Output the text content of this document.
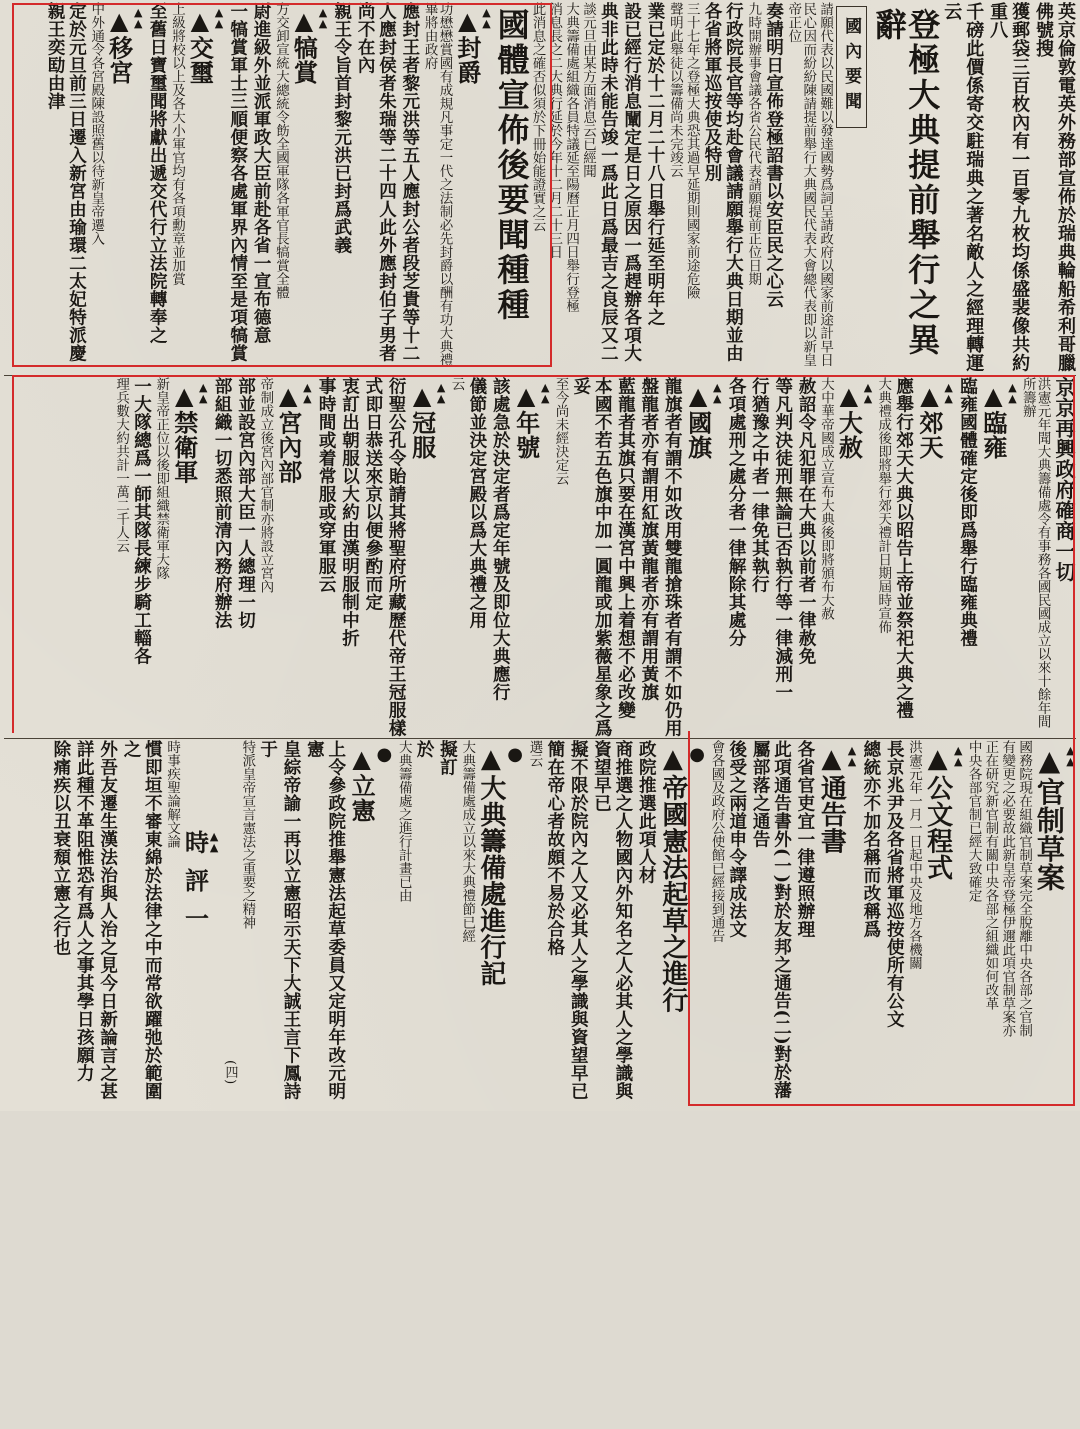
英京倫敦電英外務部宣佈於瑞典輪船希利哥臘佛號搜
獲郵袋三百枚內有一百零九枚均係盛裴像共約重八
千磅此價係寄交駐瑞典之著名敵人之經理轉運云
登極大典提前舉行之異辭
國內要聞
請願代表以民國難以發達國勢爲詞呈請政府以國家前途計早日
民心因而紛紛陳請提前舉行大典國民代表大會總代表即以新皇帝正位
奏請明日宣佈登極詔書以安臣民之心云
九時開辦事會議各省公民代表請願提前正位日期
行政院長官等均赴會議請願舉行大典日期並由各省將軍巡按使及特別
三十七年之登極大典恐其過早延期則國家前途危險
聲明此舉徒以籌備尚未完竣云
業已定於十二月二十八日舉行延至明年之
設已經行消息闡定是日之原因一爲趕辦各項大
典非此時未能告竣一爲此日爲最吉之良辰又二
談元旦由某方面消息云已經聞
大典籌備處組織各員特議延至陽曆正月四日舉行登極
消息長之二大典行延於今年十二月二十三日
此消息之確否似須於下冊始能證實之云
國體宣佈後要聞種種
▲▲ ▲封爵
功懋懋賞國有成規凡事定一代之法制必先封爵以酬有功大典禮畢將由政府
應封王者黎元洪等五人應封公者段芝貴等十二
人應封侯者朱瑞等二十四人此外應封伯子男者尚不在內
親王令旨首封黎元洪已封爲武義
▲▲ ▲犒賞
方交卸宣統大總統令飭全國軍隊各軍官長犒賞全體
尉進級外並派軍政大臣前赴各省一宣布德意
一犒賞軍士三順便察各處軍界內情至是項犒賞
▲▲ ▲交璽
上級將校以上及各大小軍官均有各項勳章並加賞
至舊日寶璽聞將獻出遞交代行立法院轉奉之
▲▲ ▲移宮
中外通令各宮殿陳設照舊以待新皇帝遷入
定於元旦前三日遷入新宮由瑜環二太妃特派慶親王奕劻由津
京京再興政府確商一切
洪憲元年聞大典籌備處令有事務各國民國成立以來十餘年間所籌辦
▲▲ ▲臨雍
臨雍國體確定後即爲舉行臨雍典禮
▲▲ ▲郊天
應舉行郊天大典以昭告上帝並祭祀大典之禮
大典禮成後即將舉行郊天禮計日期屆時宣佈
▲▲ ▲大赦
大中華帝國成立宣布大典後即將頒布大赦
赦詔令凡犯罪在大典以前者一律赦免
等凡判決徒刑無論已否執行等一律減刑一
行猶豫之中者一律免其執行
各項處刑之處分者一律解除其處分
▲▲ ▲國旗
龍旗者有謂不如改用雙龍搶珠者有謂不如仍用
盤龍者亦有謂用紅旗黃龍者亦有謂用黃旗
藍龍者其旗只要在漢宮中興上着想不必改變
本國不若五色旗中加一圓龍或加紫薇星象之爲妥
至今尚未經決定云
▲▲ ▲年號
該處急於決定者爲定年號及即位大典應行
儀節並決定宮殿以爲大典禮之用
云
▲▲ ▲冠服
衍聖公孔令貽請其將聖府所藏歷代帝王冠服樣
式即日恭送來京以便參酌而定
衷訂出朝服以大約由漢明服制中折
事時間或着常服或穿軍服云
▲▲ ▲宮內部
帝制成立後宮內部官制亦將設立宮內
部並設宮內部大臣一人總理一切
部組織一切悉照前清內務府辦法
▲▲ ▲禁衛軍
新皇帝正位以後即組織禁衛軍大隊
一大隊總爲一師其隊長練步騎工輜各
理兵數大約共計一萬二千人云
▲▲ ▲官制草案
國務院現在組織官制草案完全脫離中央各部之官制
有變更之必要故此新皇帝登極伊邇此項官制草案亦
正在研究新官制有關中央各部之組織如何改革
中央各部官制已經大致確定
▲▲ ▲公文程式
洪憲元年一月一日起中央及地方各機關
長京兆尹及各省將軍巡按使所有公文
總統亦不加名稱而改稱爲
▲▲ ▲通告書
各省官吏宜一律遵照辦理
此項通告書外(一)對於友邦之通告(二)對於藩屬部落之通告
後受之兩道申令譯成法文
會各國及政府公使館已經接到通告
● ▲帝國憲法起草之進行
政院推選此項人材
商推選之人物國內外知名之人必其人之學識與資望早已
擬不限於院內之人又必其人之學識與資望早已
簡在帝心者故頗不易於合格
選云
● ▲大典籌備處進行記
大典籌備處成立以來大典禮節已經
擬訂
於
大典籌備處之進行計畫已由
● ▲立憲
上令參政院推舉憲法起草委員又定明年改元明憲
皇綜帝諭一再以立憲昭示天下大誠王言下鳳詩
于
特派皇帝宣言憲法之重要之精神
(四)
▲▲ 時評一
時事疾聖論解文論
慣即垣不審東綿於法律之中而常欲躍弛於範圍之
外吾友遷生漢法治與人治之見今日新論言之甚
詳此種不革阻惟恐有爲人之事其學日孩願力
除痛疾以丑衰頹立憲之行也
